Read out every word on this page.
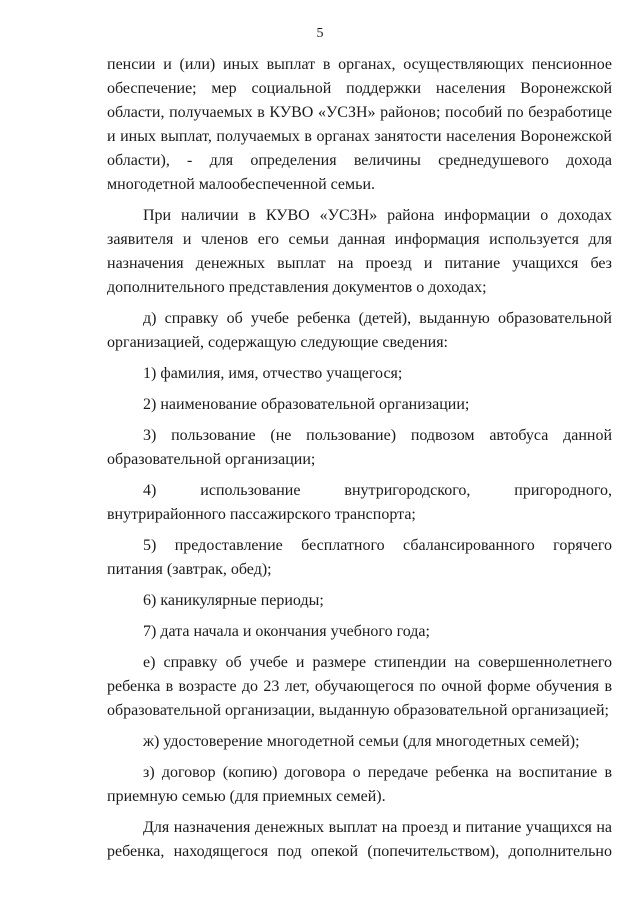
5

пенсии и (или) иных выплат в органах, осуществляющих пенсионное обеспечение; мер социальной поддержки населения Воронежской области, получаемых в КУВО «УСЗН» районов; пособий по безработице и иных выплат, получаемых в органах занятости населения Воронежской области), - для определения величины среднедушевого дохода многодетной малообеспеченной семьи.

При наличии в КУВО «УСЗН» района информации о доходах заявителя и членов его семьи данная информация используется для назначения денежных выплат на проезд и питание учащихся без дополнительного представления документов о доходах;

д) справку об учебе ребенка (детей), выданную образовательной организацией, содержащую следующие сведения:

1) фамилия, имя, отчество учащегося;

2) наименование образовательной организации;

3) пользование (не пользование) подвозом автобуса данной образовательной организации;

4) использование внутригородского, пригородного, внутрирайонного пассажирского транспорта;

5) предоставление бесплатного сбалансированного горячего питания (завтрак, обед);

6) каникулярные периоды;

7) дата начала и окончания учебного года;

е) справку об учебе и размере стипендии на совершеннолетнего ребенка в возрасте до 23 лет, обучающегося по очной форме обучения в образовательной организации, выданную образовательной организацией;

ж) удостоверение многодетной семьи (для многодетных семей);

з) договор (копию) договора о передаче ребенка на воспитание в приемную семью (для приемных семей).

Для назначения денежных выплат на проезд и питание учащихся на ребенка, находящегося под опекой (попечительством), дополнительно
